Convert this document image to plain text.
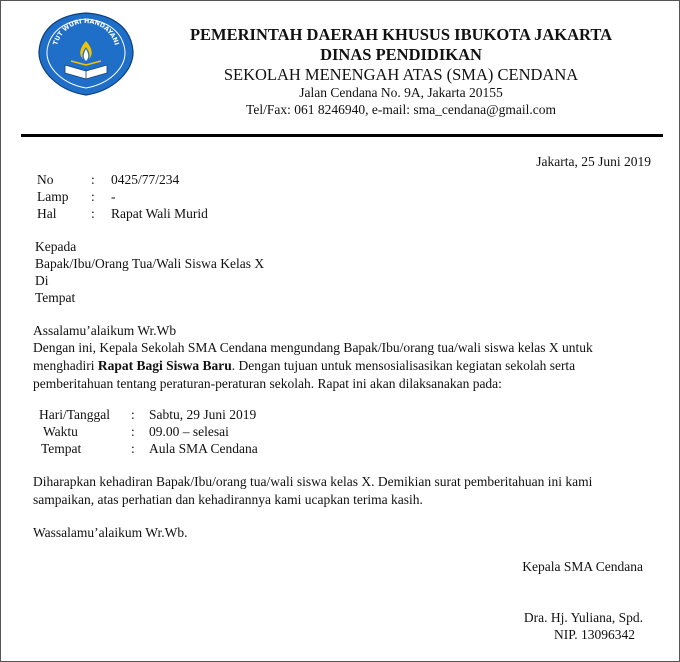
TUT WURI HANDAYANI	PEMERINTAH DAERAH KHUSUS IBUKOTA JAKARTA
DINAS PENDIDIKAN
SEKOLAH MENENGAH ATAS (SMA) CENDANA
Jalan Cendana No. 9A, Jakarta 20155
Tel/Fax: 061 8246940, e-mail: sma_cendana@gmail.com
Jakarta, 25 Juni 2019
No	: 0425/77/234
Lamp : -
Hal	: Rapat Wali Murid
Kepada
Bapak/Ibu/Orang Tua/Wali Siswa Kelas X
Di
Tempat
Assalamu’alaikum Wr.Wb
Dengan ini, Kepala Sekolah SMA Cendana mengundang Bapak/Ibu/orang tua/wali siswa kelas X untuk menghadiri Rapat Bagi Siswa Baru. Dengan tujuan untuk mensosialisasikan kegiatan sekolah serta pemberitahuan tentang peraturan-peraturan sekolah. Rapat ini akan dilaksanakan pada:
Hari/Tanggal : Sabtu, 29 Juni 2019
Waktu	: 09.00 – selesai
Tempat	: Aula SMA Cendana
Diharapkan kehadiran Bapak/Ibu/orang tua/wali siswa kelas X. Demikian surat pemberitahuan ini kami sampaikan, atas perhatian dan kehadirannya kami ucapkan terima kasih.
Wassalamu’alaikum Wr.Wb.
Kepala SMA Cendana
Dra. Hj. Yuliana, Spd.
NIP. 13096342
